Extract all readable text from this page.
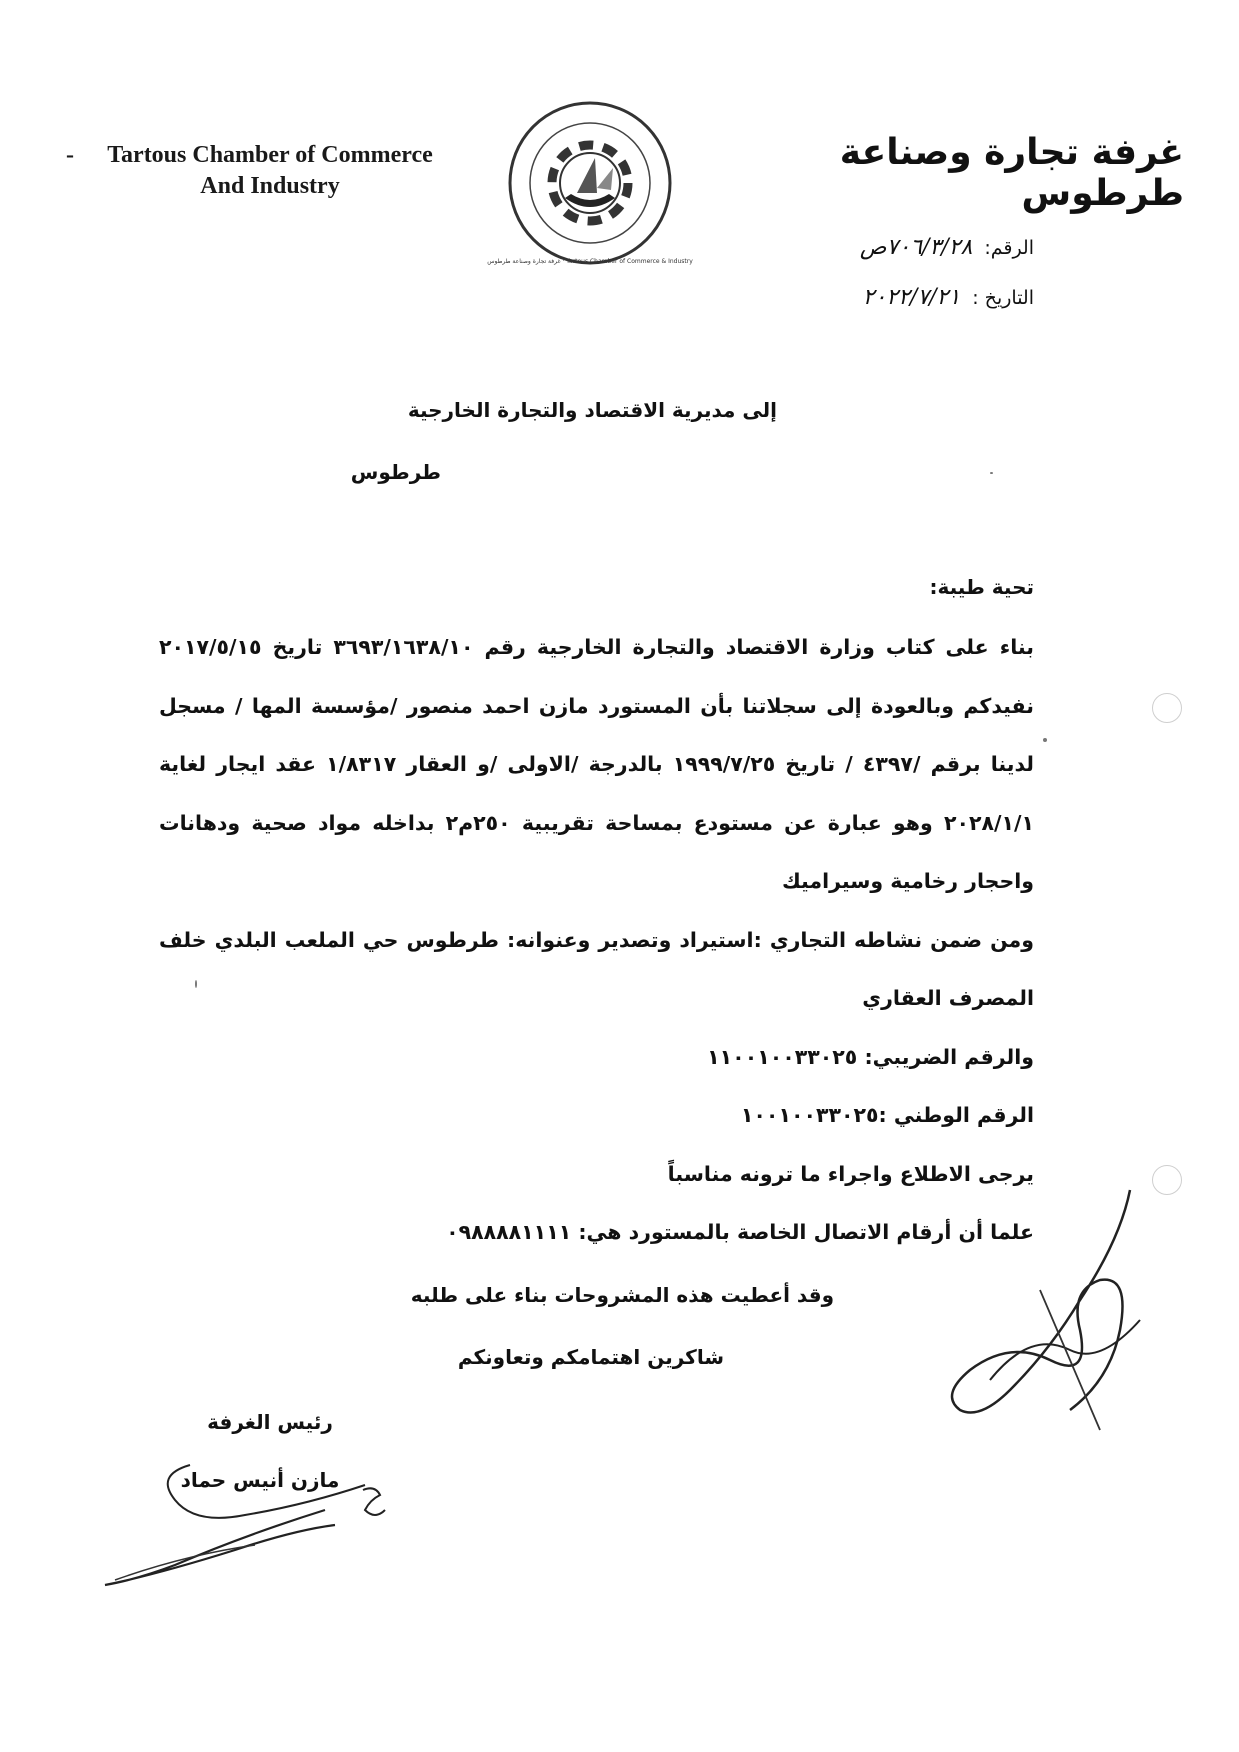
-	Tartous Chamber of Commerce
And Industry
غرفة تجارة وصناعة طرطوس · Tartous Chamber of Commerce & Industry
غرفة تجارة وصناعة طرطوس
الرقم: ٧٠٦/٣/٢٨ص
التاريخ : ٢٠٢٢/٧/٢١
إلى مديرية الاقتصاد والتجارة الخارجية
طرطوس
تحية طيبة:

بناء على كتاب وزارة الاقتصاد والتجارة الخارجية رقم ٣٦٩٣/١٦٣٨/١٠ تاريخ ٢٠١٧/٥/١٥ نفيدكم وبالعودة إلى سجلاتنا بأن المستورد مازن احمد منصور /مؤسسة المها / مسجل لدينا برقم /٤٣٩٧ / تاريخ ١٩٩٩/٧/٢٥ بالدرجة /الاولى /و العقار ١/٨٣١٧ عقد ايجار لغاية ٢٠٢٨/١/١ وهو عبارة عن مستودع بمساحة تقريبية ٢٥٠م٢ بداخله مواد صحية ودهانات واحجار رخامية وسيراميك

ومن ضمن نشاطه التجاري :استيراد وتصدير وعنوانه: طرطوس حي الملعب البلدي خلف المصرف العقاري

والرقم الضريبي: ١١٠٠١٠٠٣٣٠٢٥

الرقم الوطني :١٠٠١٠٠٣٣٠٢٥

يرجى الاطلاع واجراء ما ترونه مناسباً

علما أن أرقام الاتصال الخاصة بالمستورد هي: ٠٩٨٨٨٨١١١١

وقد أعطيت هذه المشروحات بناء على طلبه
شاكرين اهتمامكم وتعاونكم
رئيس الغرفة
مازن أنيس حماد
